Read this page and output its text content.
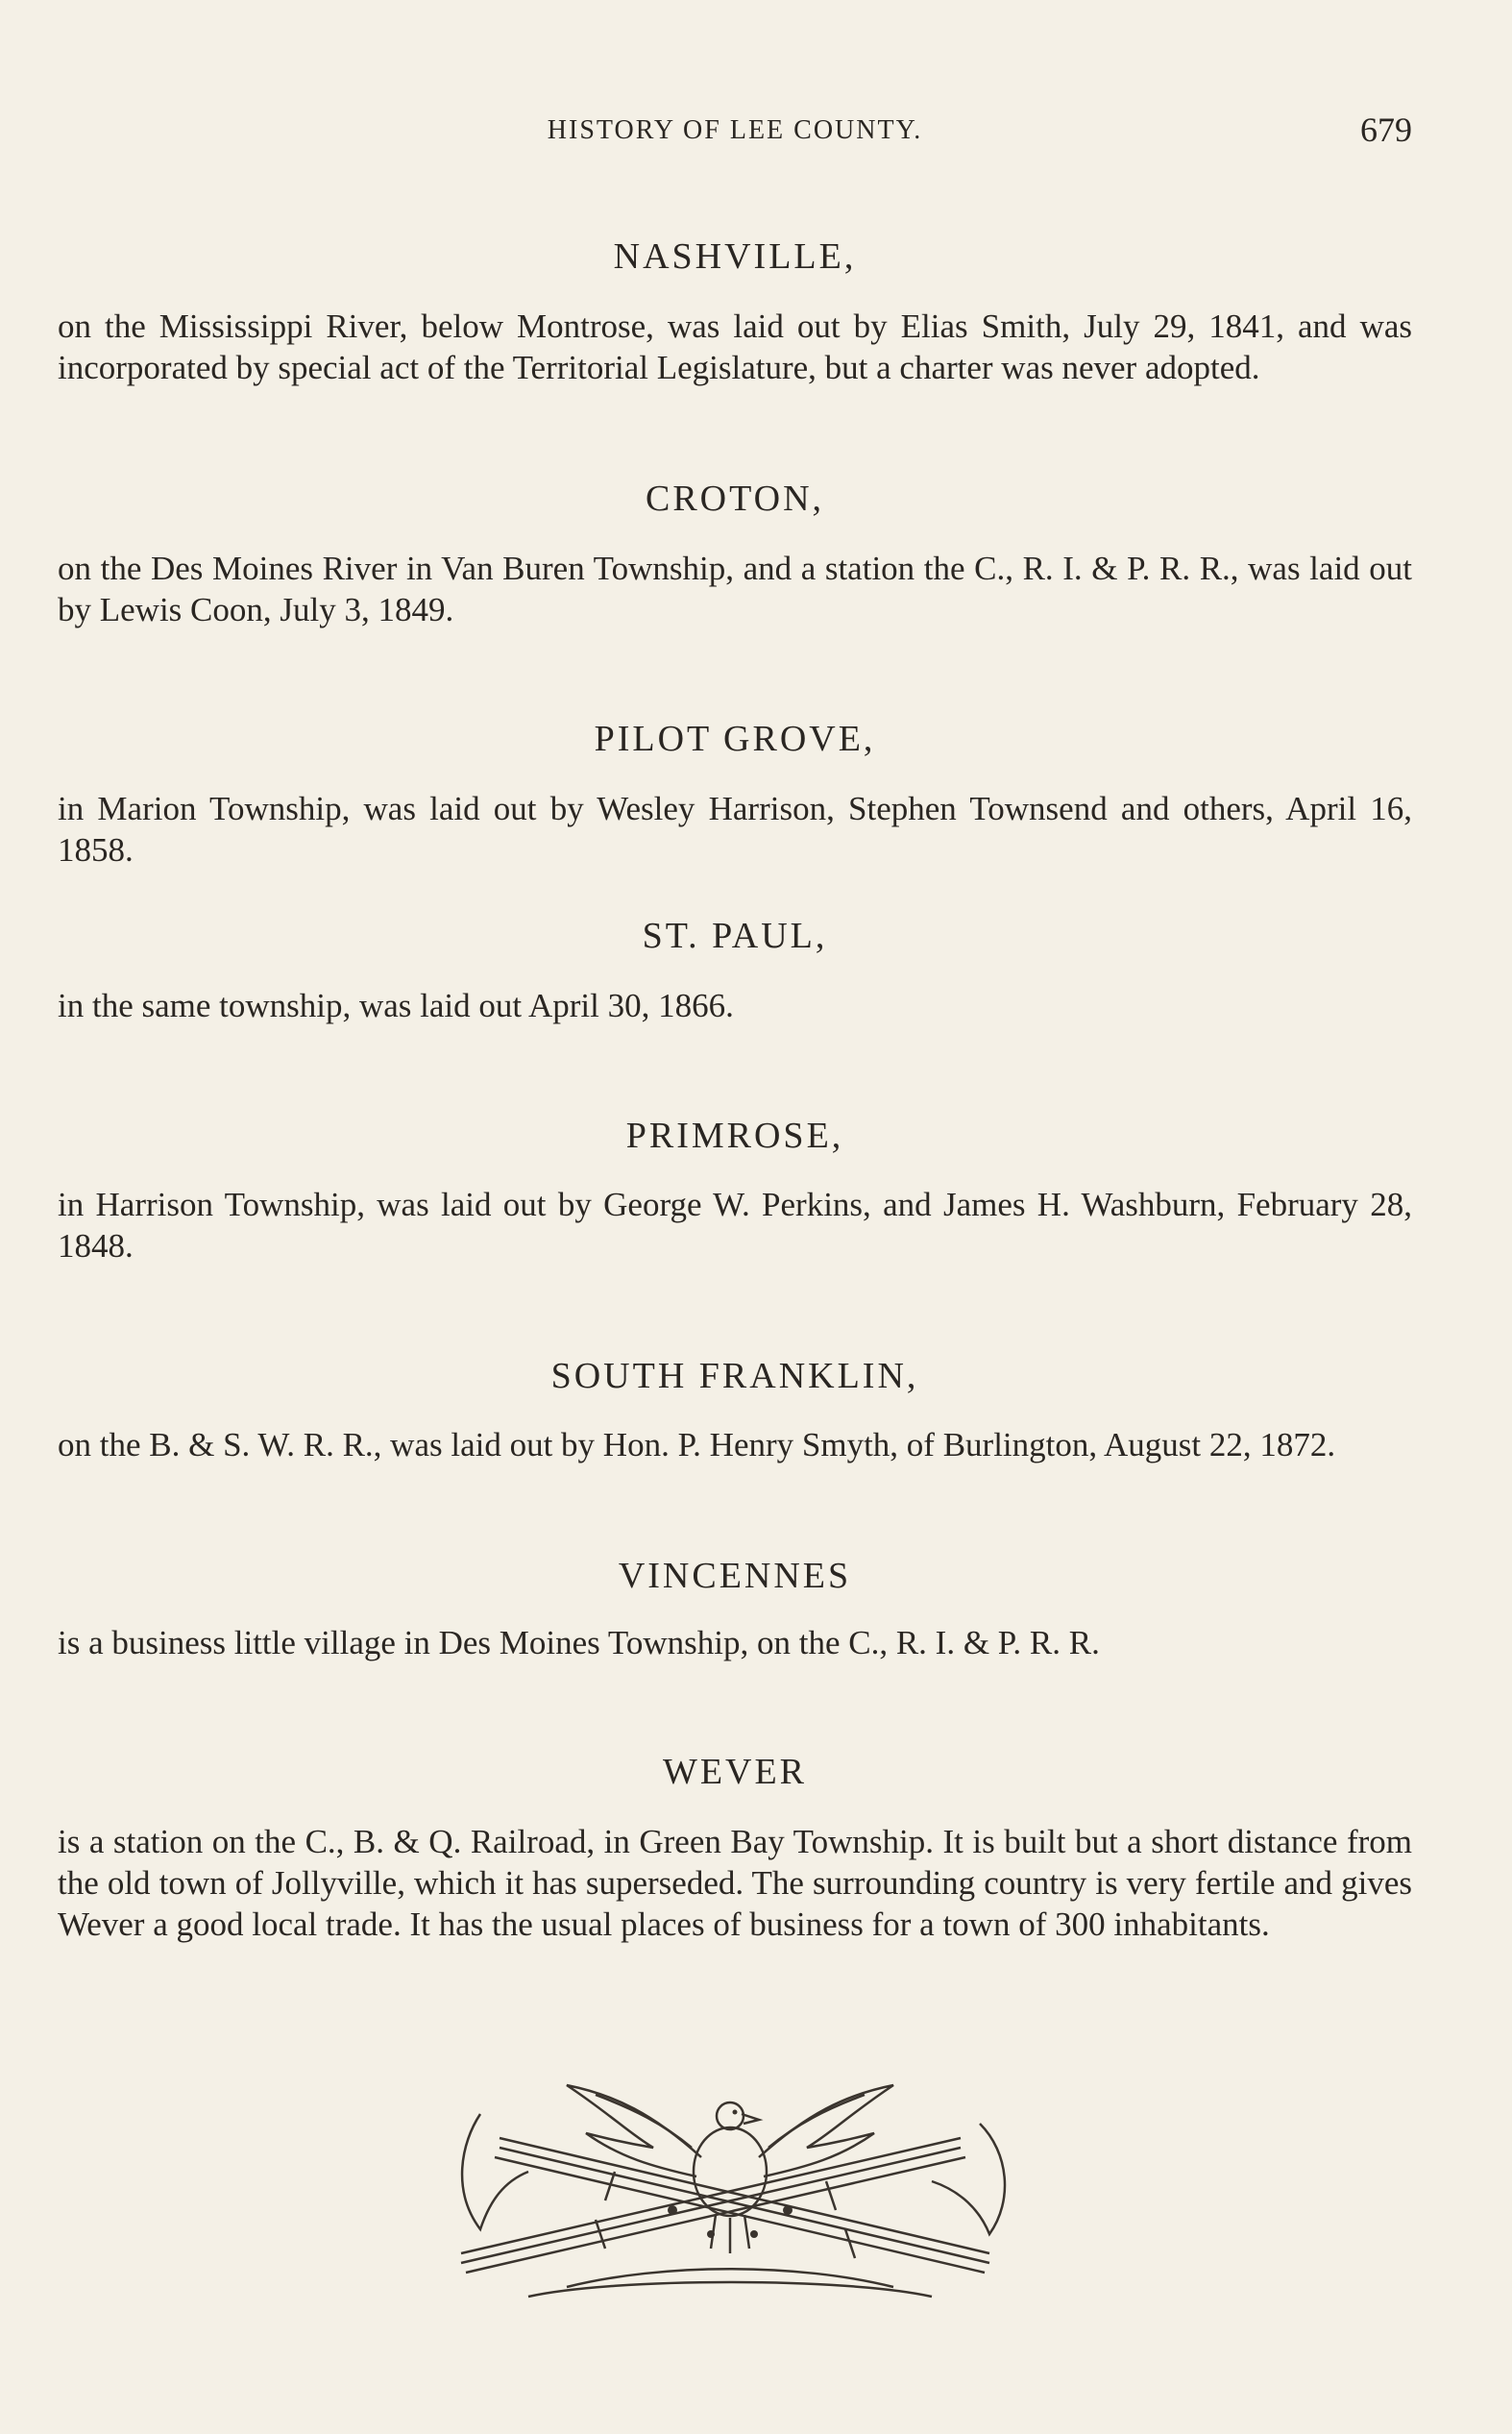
HISTORY OF LEE COUNTY.	679
NASHVILLE,

on the Mississippi River, below Montrose, was laid out by Elias Smith, July 29, 1841, and was incorporated by special act of the Territorial Legislature, but a charter was never adopted.

CROTON,

on the Des Moines River in Van Buren Township, and a station the C., R. I. & P. R. R., was laid out by Lewis Coon, July 3, 1849.

PILOT GROVE,

in Marion Township, was laid out by Wesley Harrison, Stephen Townsend and others, April 16, 1858.

ST. PAUL,

in the same township, was laid out April 30, 1866.

PRIMROSE,

in Harrison Township, was laid out by George W. Perkins, and James H. Washburn, February 28, 1848.

SOUTH FRANKLIN,

on the B. & S. W. R. R., was laid out by Hon. P. Henry Smyth, of Burlington, August 22, 1872.

VINCENNES

is a business little village in Des Moines Township, on the C., R. I. & P. R. R.

WEVER

is a station on the C., B. & Q. Railroad, in Green Bay Township. It is built but a short distance from the old town of Jollyville, which it has superseded. The surrounding country is very fertile and gives Wever a good local trade. It has the usual places of business for a town of 300 inhabitants.
